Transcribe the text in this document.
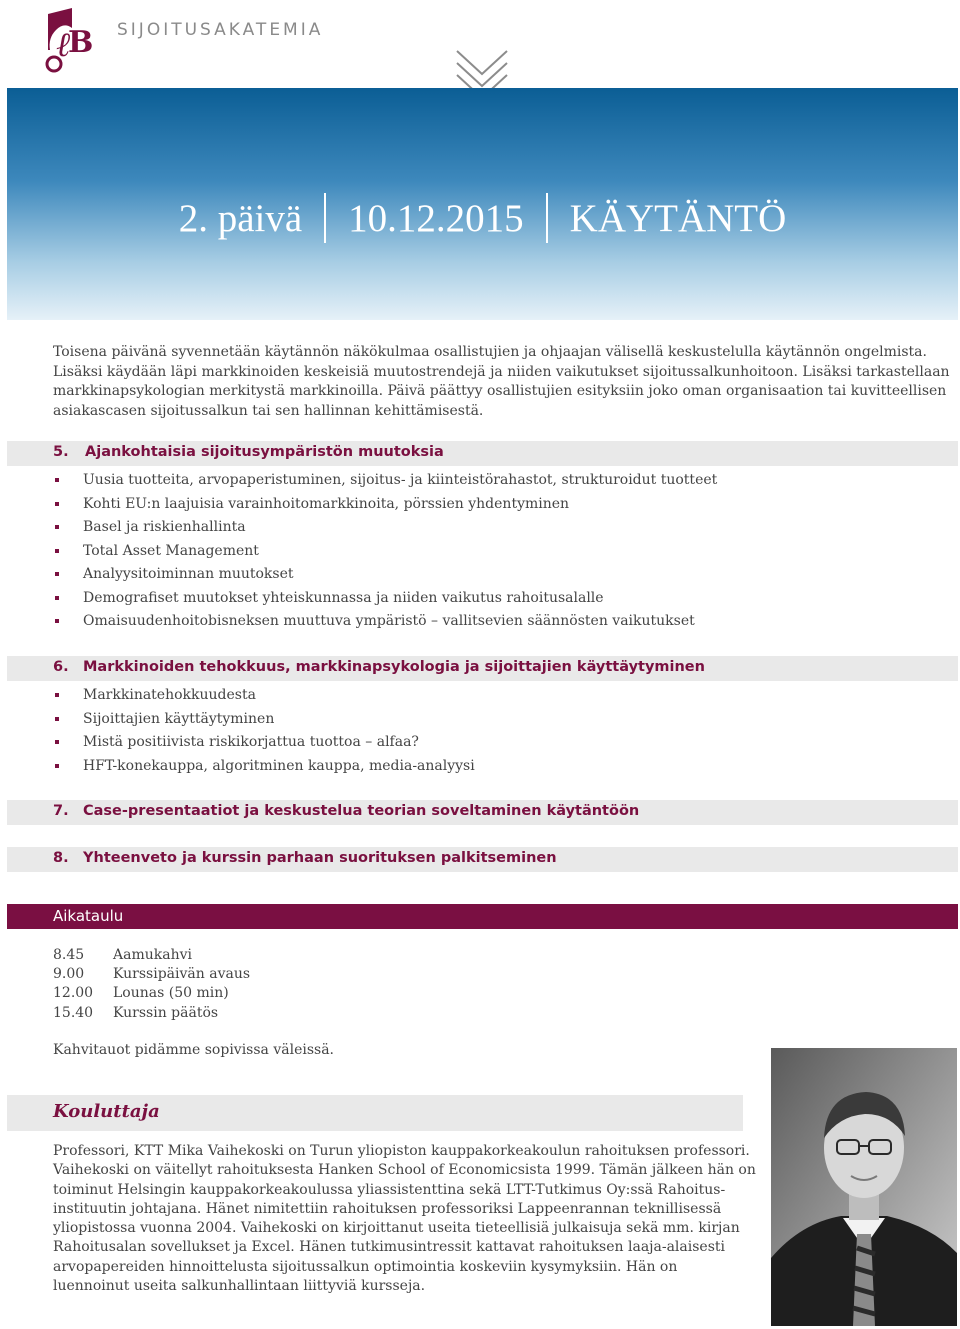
ℓ
B SIJOITUSAKATEMIA
2. päivä 10.12.2015 KÄYTÄNTÖ

Toisena päivänä syvennetään käytännön näkökulmaa osallistujien ja ohjaajan välisellä keskustelulla käytännön ongelmista. Lisäksi käydään läpi markkinoiden keskeisiä muutostrendejä ja niiden vaikutukset sijoitussalkunhoitoon. Lisäksi tarkastellaan markkinapsykologian merkitystä markkinoilla. Päivä päättyy osallistujien esityksiin joko oman organisaation tai kuvitteellisen asiakascasen sijoitussalkun tai sen hallinnan kehittämisestä.

5. Ajankohtaisia sijoitusympäristön muutoksia
Uusia tuotteita, arvopaperistuminen, sijoitus- ja kiinteistörahastot, strukturoidut tuotteet
Kohti EU:n laajuisia varainhoitomarkkinoita, pörssien yhdentyminen
Basel ja riskienhallinta
Total Asset Management
Analyysitoiminnan muutokset
Demografiset muutokset yhteiskunnassa ja niiden vaikutus rahoitusalalle
Omaisuudenhoitobisneksen muuttuva ympäristö – vallitsevien säännösten vaikutukset
6. Markkinoiden tehokkuus, markkinapsykologia ja sijoittajien käyttäytyminen
Markkinatehokkuudesta
Sijoittajien käyttäytyminen
Mistä positiivista riskikorjattua tuottoa – alfaa?
HFT-konekauppa, algoritminen kauppa, media-analyysi
7. Case-presentaatiot ja keskustelua teorian soveltaminen käytäntöön
8. Yhteenveto ja kurssin parhaan suorituksen palkitseminen
Aikataulu
8.45 Aamukahvi
9.00 Kurssipäivän avaus
12.00 Lounas (50 min)
15.40 Kurssin päätös

Kahvitauot pidämme sopivissa väleissä.

Kouluttaja

Professori, KTT Mika Vaihekoski on Turun yliopiston kauppakorkeakoulun rahoituksen professori. Vaihekoski on väitellyt rahoituksesta Hanken School of Economicsista 1999. Tämän jälkeen hän on toiminut Helsingin kauppakorkeakoulussa yliassistenttina sekä LTT-Tutkimus Oy:ssä Rahoitus-instituutin johtajana. Hänet nimitettiin rahoituksen professoriksi Lappeenrannan teknillisessä yliopistossa vuonna 2004. Vaihekoski on kirjoittanut useita tieteellisiä julkaisuja sekä mm. kirjan Rahoitusalan sovellukset ja Excel. Hänen tutkimusintressit kattavat rahoituksen laaja-alaisesti arvopapereiden hinnoittelusta sijoitussalkun optimointia koskeviin kysymyksiin. Hän on luennoinut useita salkunhallintaan liittyviä kursseja.
